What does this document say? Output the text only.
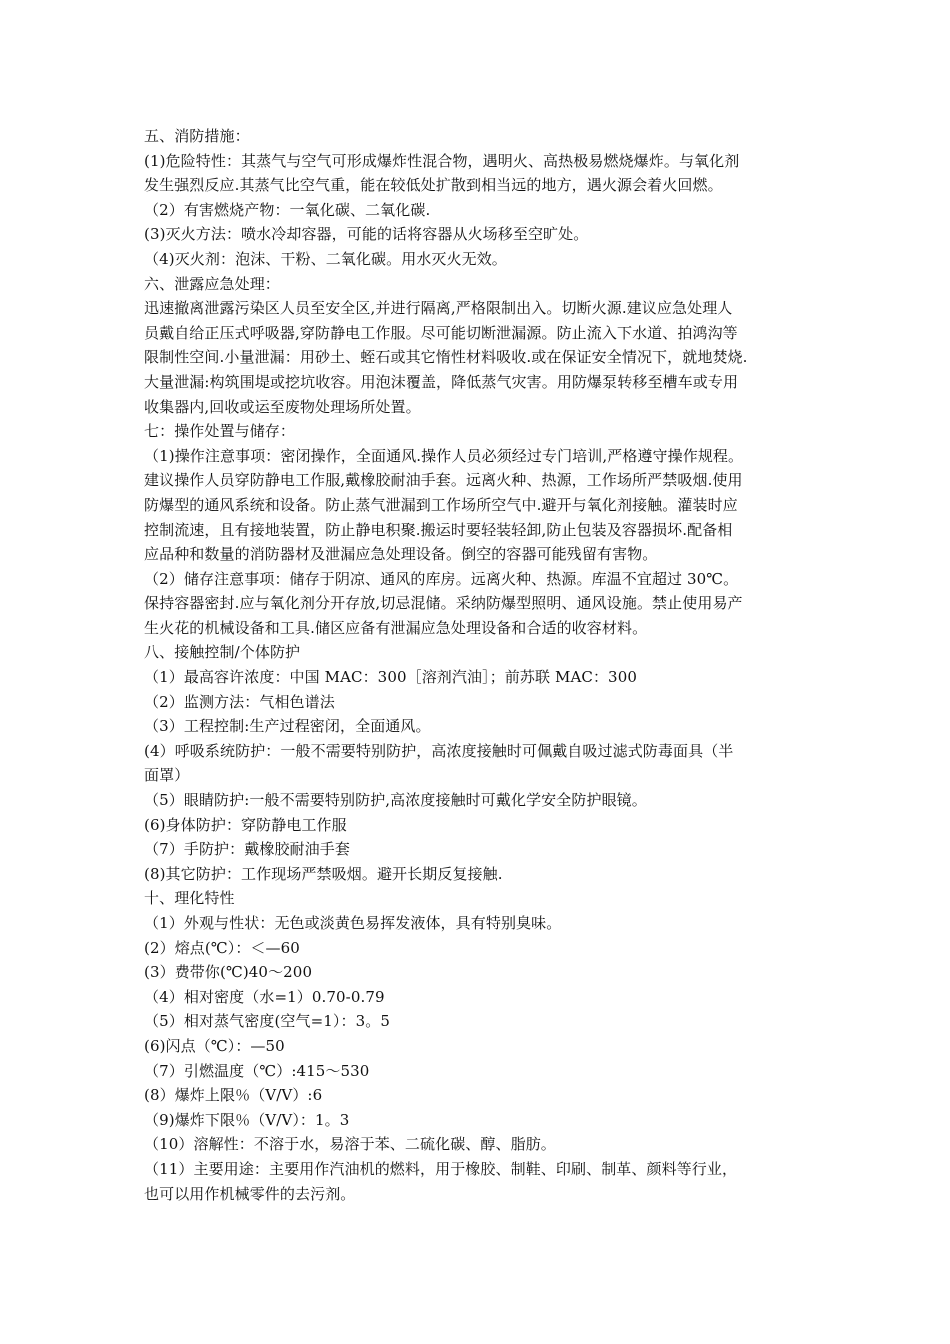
五、消防措施：
(1)危险特性：其蒸气与空气可形成爆炸性混合物，遇明火、高热极易燃烧爆炸。与氧化剂
发生强烈反应.其蒸气比空气重，能在较低处扩散到相当远的地方，遇火源会着火回燃。
（2）有害燃烧产物：一氧化碳、二氧化碳.
(3)灭火方法：喷水冷却容器，可能的话将容器从火场移至空旷处。
（4)灭火剂：泡沫、干粉、二氧化碳。用水灭火无效。
六、泄露应急处理：
迅速撤离泄露污染区人员至安全区,并进行隔离,严格限制出入。切断火源.建议应急处理人
员戴自给正压式呼吸器,穿防静电工作服。尽可能切断泄漏源。防止流入下水道、拍鸿沟等
限制性空间.小量泄漏：用砂土、蛭石或其它惰性材料吸收.或在保证安全情况下，就地焚烧.
大量泄漏:构筑围堤或挖坑收容。用泡沫覆盖，降低蒸气灾害。用防爆泵转移至槽车或专用
收集器内,回收或运至废物处理场所处置。
七：操作处置与储存：
（1)操作注意事项：密闭操作，全面通风.操作人员必须经过专门培训,严格遵守操作规程。
建议操作人员穿防静电工作服,戴橡胶耐油手套。远离火种、热源，工作场所严禁吸烟.使用
防爆型的通风系统和设备。防止蒸气泄漏到工作场所空气中.避开与氧化剂接触。灌装时应
控制流速，且有接地装置，防止静电积聚.搬运时要轻装轻卸,防止包装及容器损坏.配备相
应品种和数量的消防器材及泄漏应急处理设备。倒空的容器可能残留有害物。
（2）储存注意事项：储存于阴凉、通风的库房。远离火种、热源。库温不宜超过 30℃。
保持容器密封.应与氧化剂分开存放,切忌混储。采纳防爆型照明、通风设施。禁止使用易产
生火花的机械设备和工具.储区应备有泄漏应急处理设备和合适的收容材料。
八、接触控制/个体防护
（1）最高容许浓度：中国 MAC：300［溶剂汽油］；前苏联 MAC：300
（2）监测方法：气相色谱法
（3）工程控制:生产过程密闭，全面通风。
(4）呼吸系统防护：一般不需要特别防护，高浓度接触时可佩戴自吸过滤式防毒面具（半
面罩）
（5）眼睛防护:一般不需要特别防护,高浓度接触时可戴化学安全防护眼镜。
(6)身体防护：穿防静电工作服
（7）手防护：戴橡胶耐油手套
(8)其它防护：工作现场严禁吸烟。避开长期反复接触.
十、理化特性
（1）外观与性状：无色或淡黄色易挥发液体，具有特别臭味。
(2）熔点(℃）：＜—60
(3）费带你(℃)40～200
（4）相对密度（水=1）0.70-0.79
（5）相对蒸气密度(空气=1）：3。5
(6)闪点（℃）：—50
（7）引燃温度（℃）:415～530
(8）爆炸上限％（V/V）:6
（9)爆炸下限％（V/V）：1。3
（10）溶解性：不溶于水，易溶于苯、二硫化碳、醇、脂肪。
（11）主要用途：主要用作汽油机的燃料，用于橡胶、制鞋、印刷、制革、颜料等行业，
也可以用作机械零件的去污剂。
